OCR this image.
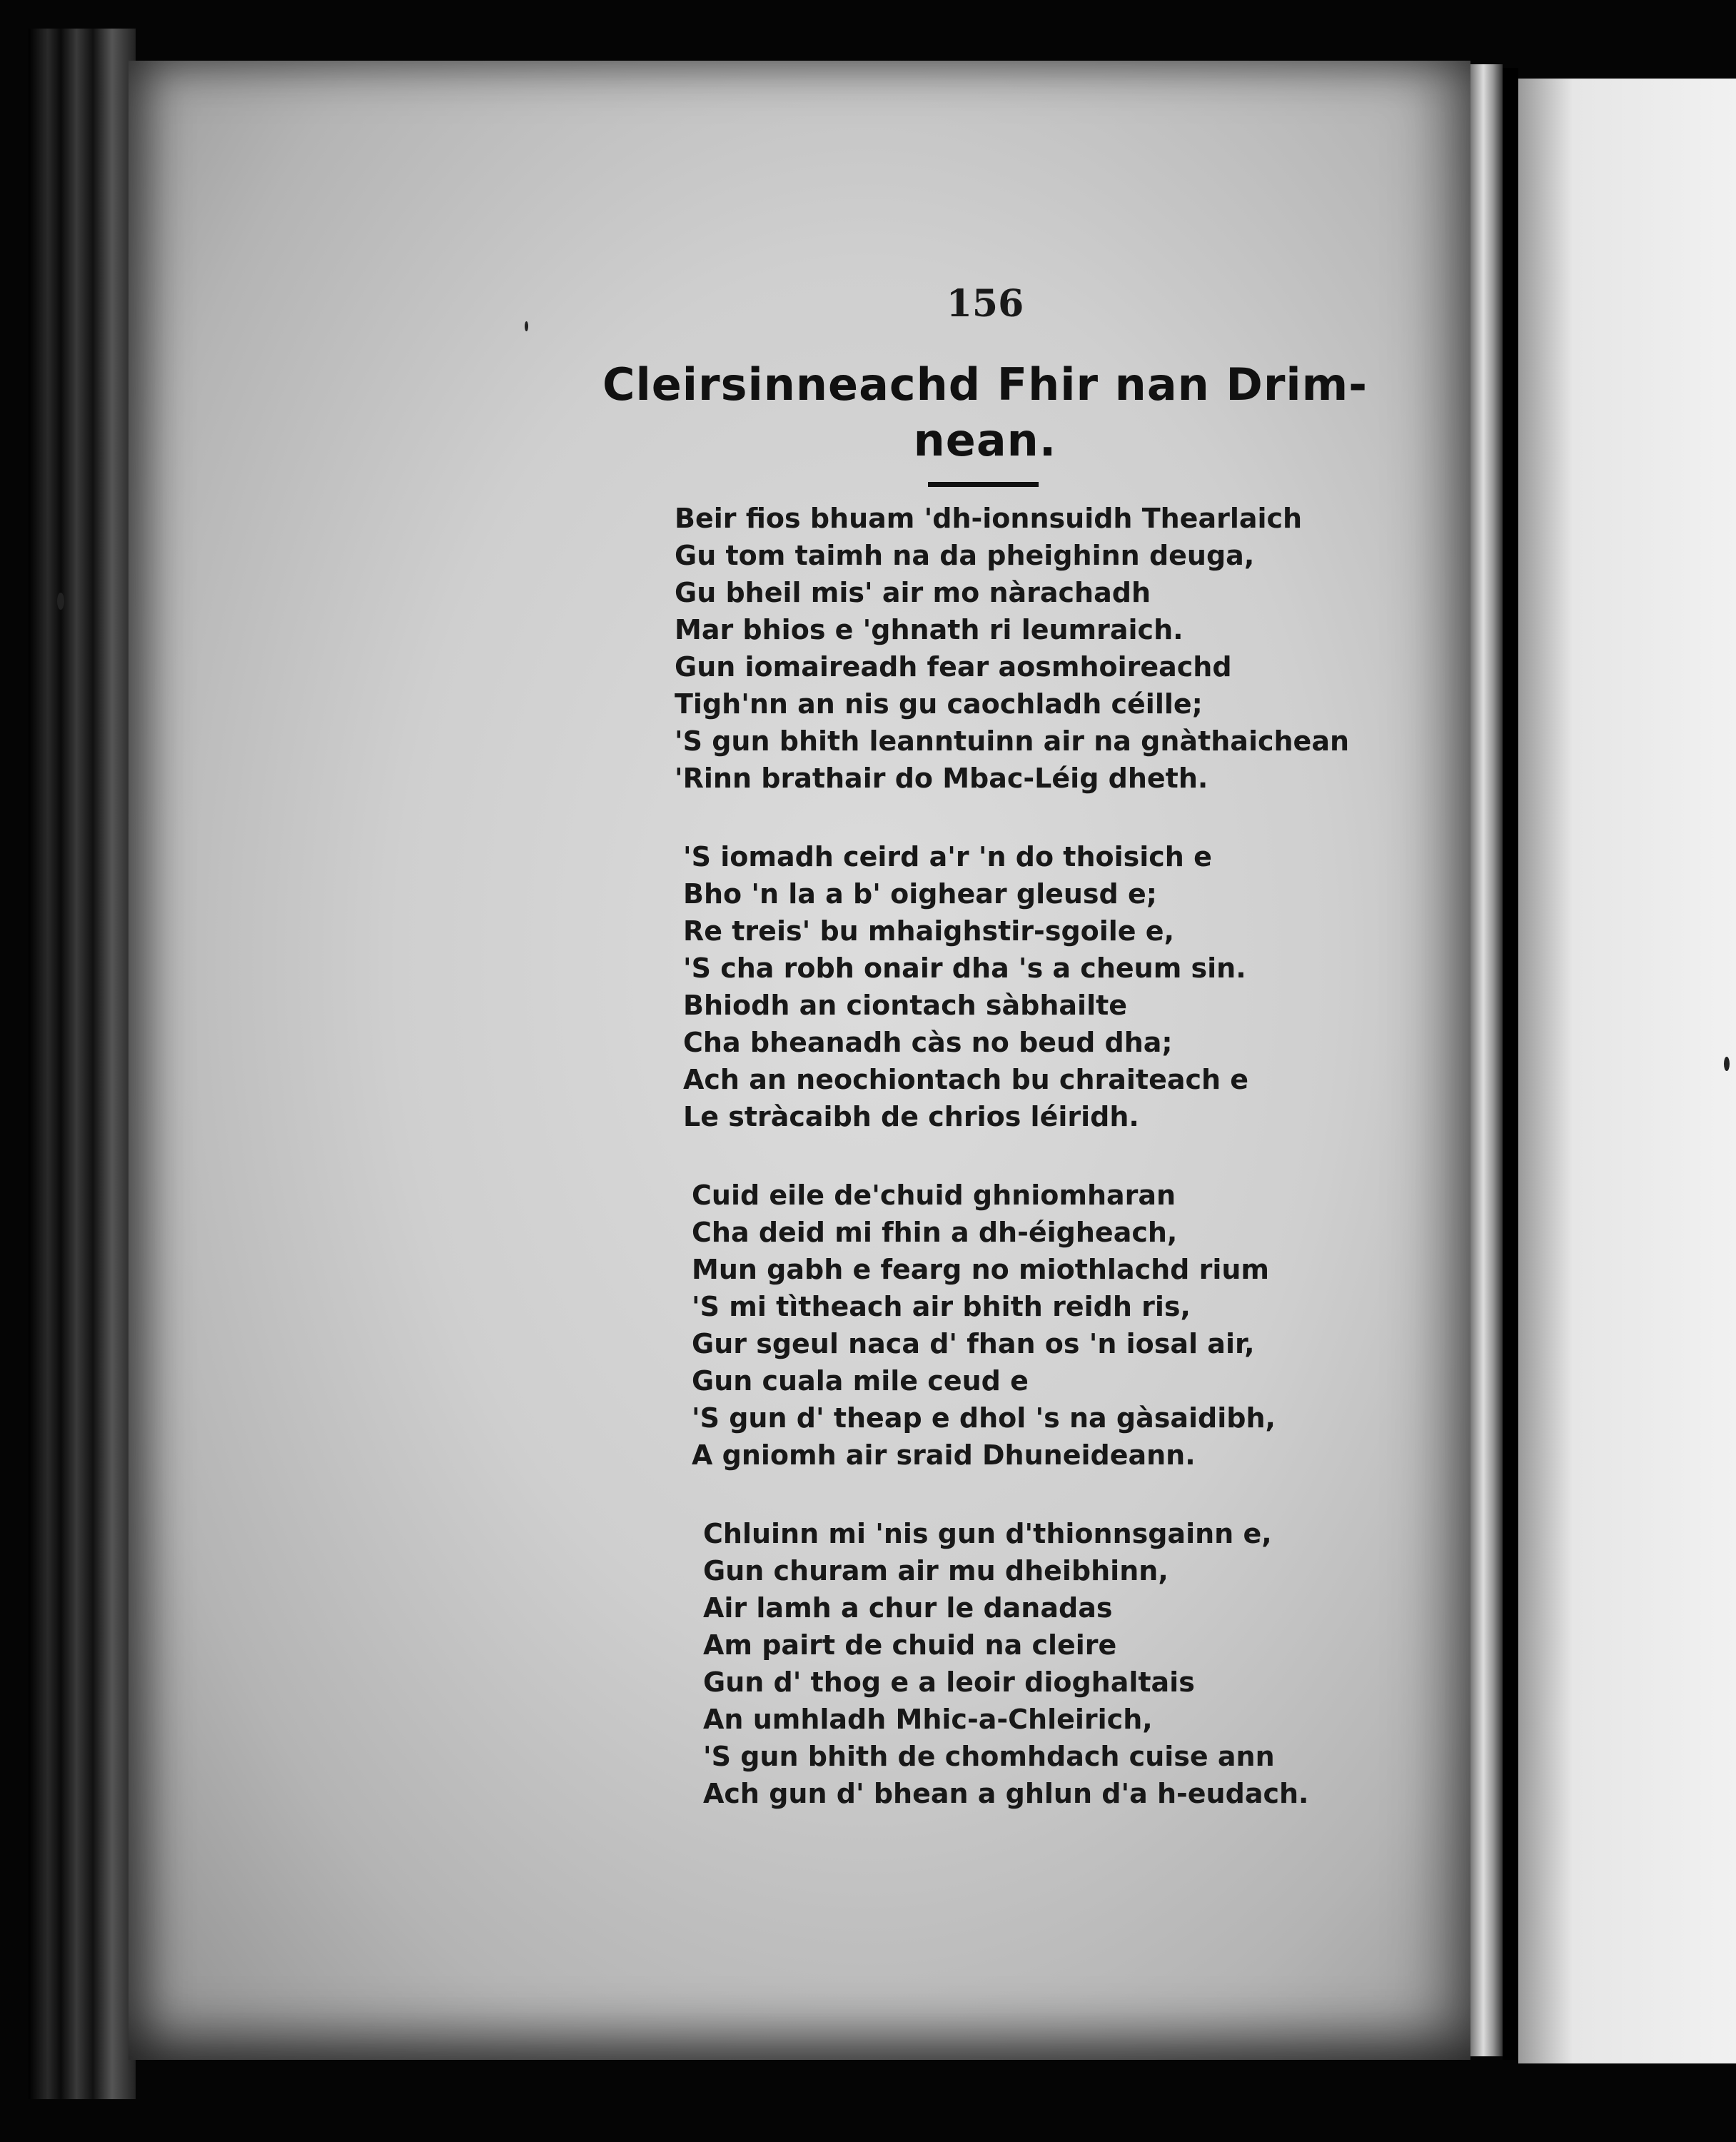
156
Cleirsinneachd Fhir nan Drim-
nean.
Beir fios bhuam 'dh-ionnsuidh Thearlaich
Gu tom taimh na da pheighinn deuga,
Gu bheil mis' air mo nàrachadh
Mar bhios e 'ghnath ri leumraich.
Gun iomaireadh fear aosmhoireachd
Tigh'nn an nis gu caochladh céille;
'S gun bhith leanntuinn air na gnàthaichean
'Rinn brathair do Mbac-Léig dheth.
'S iomadh ceird a'r 'n do thoisich e
Bho 'n la a b' oighear gleusd e;
Re treis' bu mhaighstir-sgoile e,
'S cha robh onair dha 's a cheum sin.
Bhiodh an ciontach sàbhailte
Cha bheanadh càs no beud dha;
Ach an neochiontach bu chraiteach e
Le stràcaibh de chrios léiridh.
Cuid eile de'chuid ghniomharan
Cha deid mi fhin a dh-éigheach,
Mun gabh e fearg no miothlachd rium
'S mi tìtheach air bhith reidh ris,
Gur sgeul naca d' fhan os 'n iosal air,
Gun cuala mile ceud e
'S gun d' theap e dhol 's na gàsaidibh,
A gniomh air sraid Dhuneideann.
Chluinn mi 'nis gun d'thionnsgainn e,
Gun churam air mu dheibhinn,
Air lamh a chur le danadas
Am pairt de chuid na cleire
Gun d' thog e a leoir dioghaltais
An umhladh Mhic-a-Chleirich,
'S gun bhith de chomhdach cuise ann
Ach gun d' bhean a ghlun d'a h-eudach.
